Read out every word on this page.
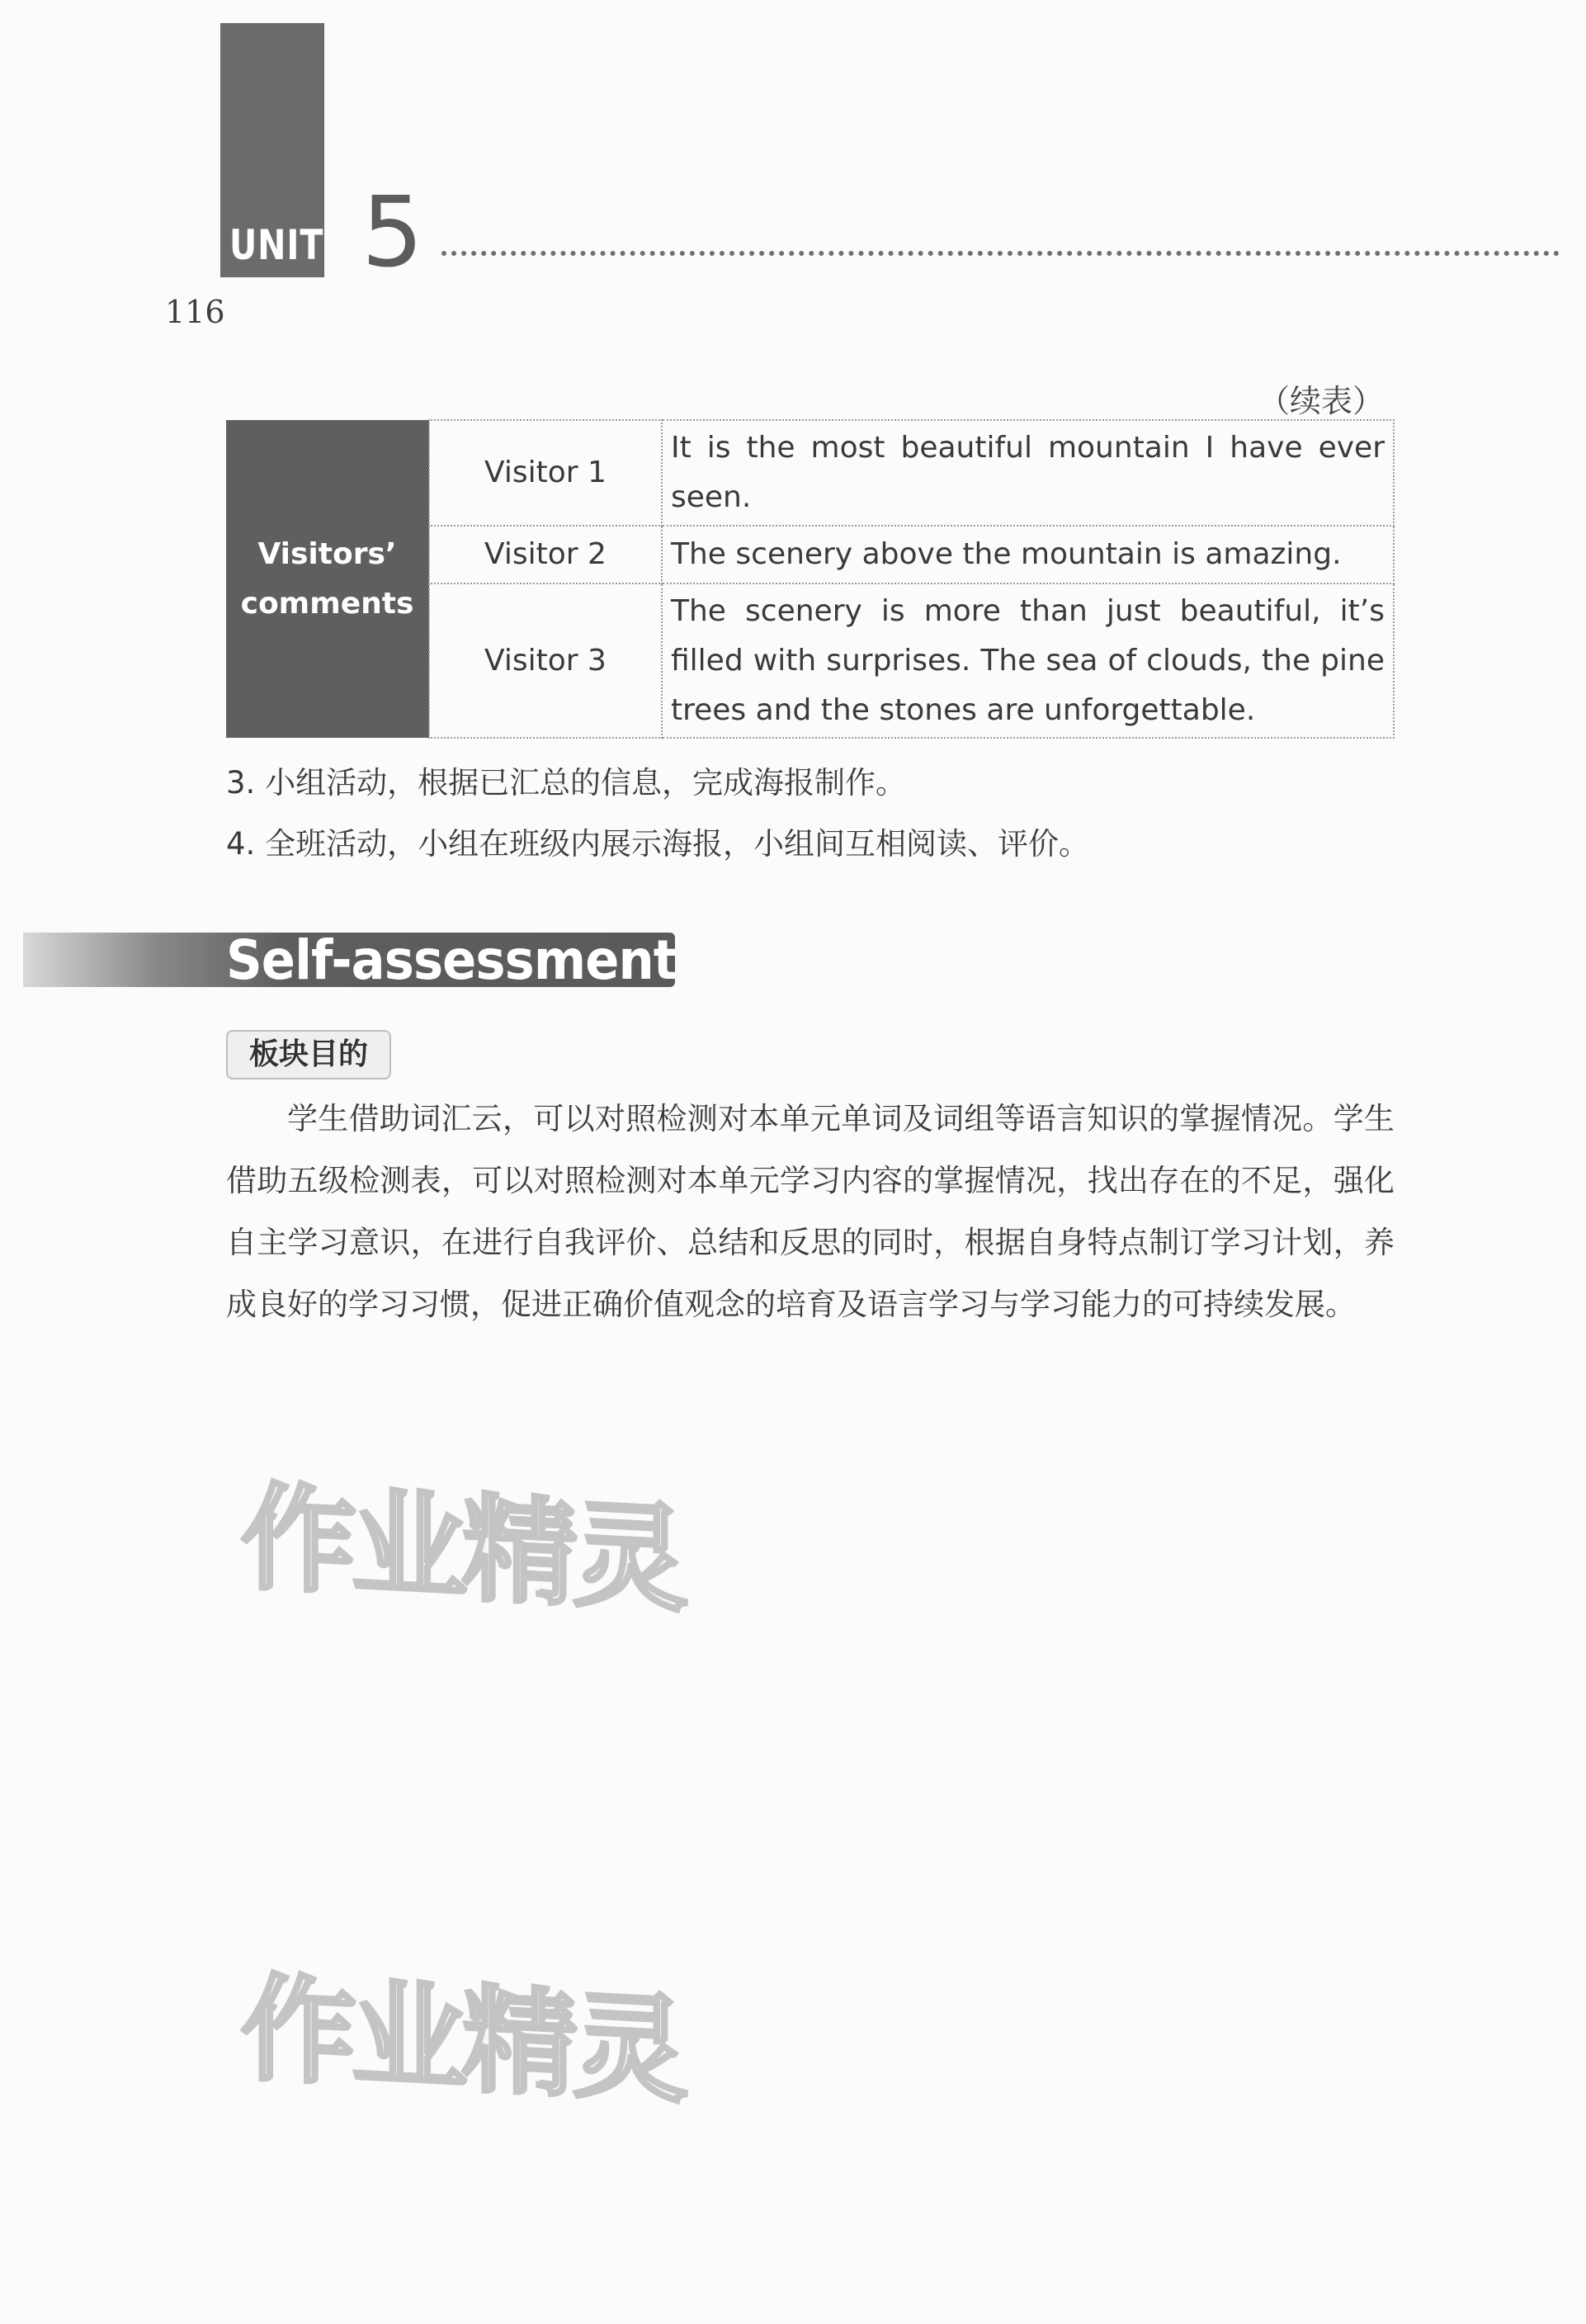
UNIT 5
116
（续表）
Visitors’
comments	Visitor 1	It is the most beautiful mountain I have ever seen.
	Visitor 2	The scenery above the mountain is amazing.
	Visitor 3	The scenery is more than just beautiful, it’s filled with surprises. The sea of clouds, the pine trees and the stones are unforgettable.
3. 小组活动，根据已汇总的信息，完成海报制作。
4. 全班活动，小组在班级内展示海报，小组间互相阅读、评价。
Self-assessment
板块目的
学生借助词汇云，可以对照检测对本单元单词及词组等语言知识的掌握情况。学生借助五级检测表，可以对照检测对本单元学习内容的掌握情况，找出存在的不足，强化自主学习意识，在进行自我评价、总结和反思的同时，根据自身特点制订学习计划，养成良好的学习习惯，促进正确价值观念的培育及语言学习与学习能力的可持续发展。
作业精灵
作业精灵
